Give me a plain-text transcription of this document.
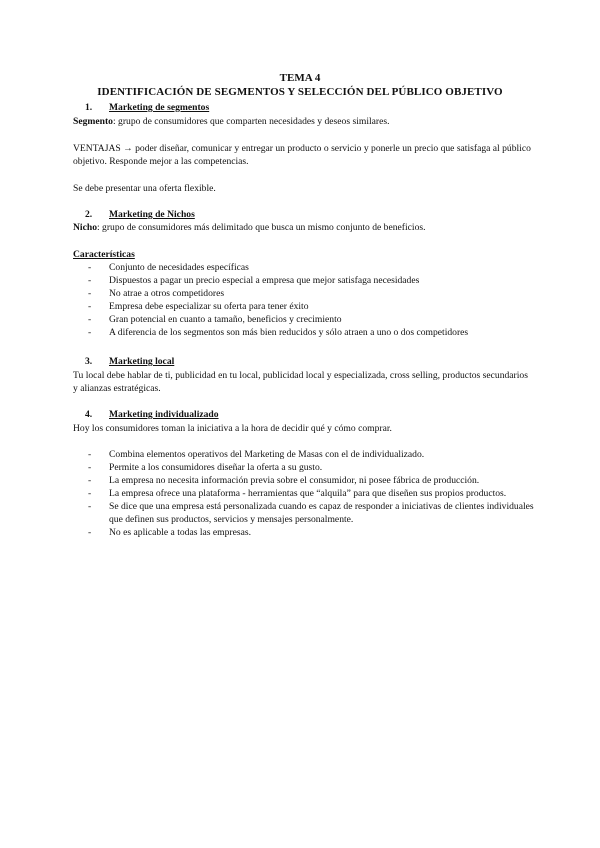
TEMA 4
IDENTIFICACIÓN DE SEGMENTOS Y SELECCIÓN DEL PÚBLICO OBJETIVO
1. Marketing de segmentos
Segmento: grupo de consumidores que comparten necesidades y deseos similares.
VENTAJAS → poder diseñar, comunicar y entregar un producto o servicio y ponerle un precio que satisfaga al público objetivo. Responde mejor a las competencias.
Se debe presentar una oferta flexible.
2. Marketing de Nichos
Nicho: grupo de consumidores más delimitado que busca un mismo conjunto de beneficios.
Características
- Conjunto de necesidades específicas
- Dispuestos a pagar un precio especial a empresa que mejor satisfaga necesidades
- No atrae a otros competidores
- Empresa debe especializar su oferta para tener éxito
- Gran potencial en cuanto a tamaño, beneficios y crecimiento
- A diferencia de los segmentos son más bien reducidos y sólo atraen a uno o dos competidores
3. Marketing local
Tu local debe hablar de ti, publicidad en tu local, publicidad local y especializada, cross selling, productos secundarios y alianzas estratégicas.
4. Marketing individualizado
Hoy los consumidores toman la iniciativa a la hora de decidir qué y cómo comprar.
- Combina elementos operativos del Marketing de Masas con el de individualizado.
- Permite a los consumidores diseñar la oferta a su gusto.
- La empresa no necesita información previa sobre el consumidor, ni posee fábrica de producción.
- La empresa ofrece una plataforma - herramientas que “alquila” para que diseñen sus propios productos.
- Se dice que una empresa está personalizada cuando es capaz de responder a iniciativas de clientes individuales que definen sus productos, servicios y mensajes personalmente.
- No es aplicable a todas las empresas.
